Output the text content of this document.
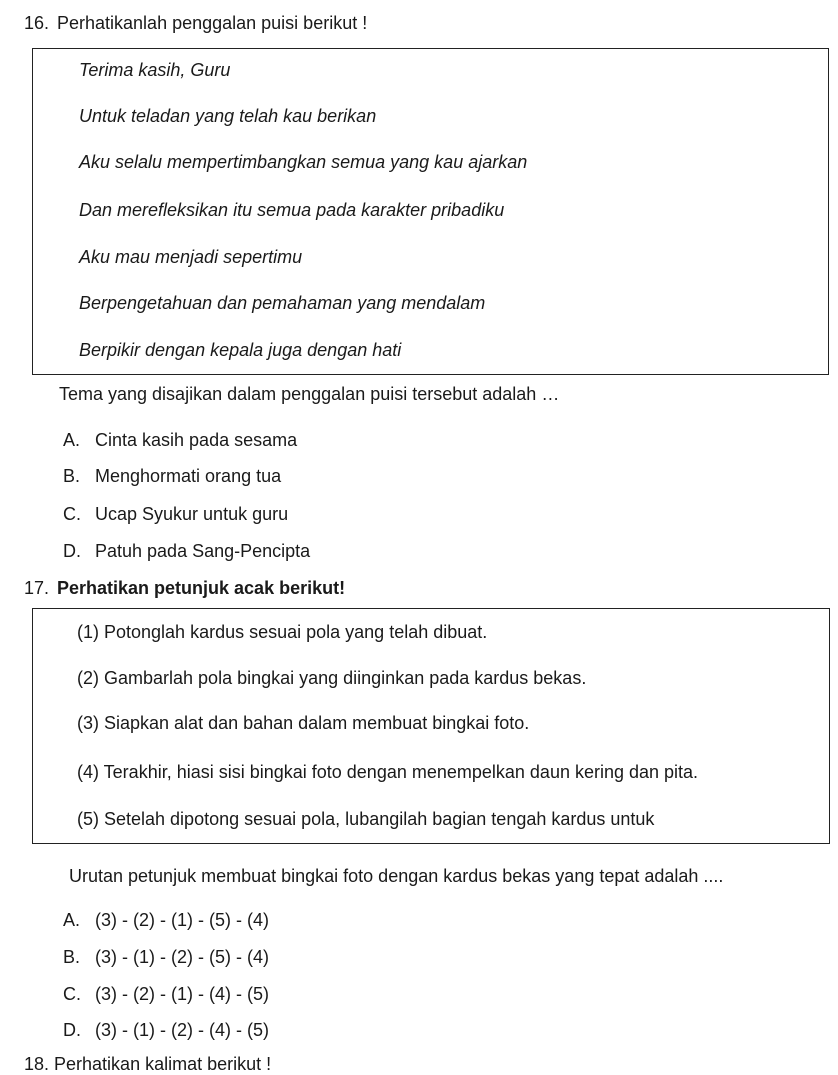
16. Perhatikanlah penggalan puisi berikut !
Terima kasih, Guru
Untuk teladan yang telah kau berikan
Aku selalu mempertimbangkan semua yang kau ajarkan
Dan merefleksikan itu semua pada karakter pribadiku
Aku mau menjadi sepertimu
Berpengetahuan dan pemahaman yang mendalam
Berpikir dengan kepala juga dengan hati
Tema yang disajikan dalam penggalan puisi tersebut adalah …
A. Cinta kasih pada sesama
B. Menghormati orang tua
C. Ucap Syukur untuk guru
D. Patuh pada Sang-Pencipta
17. Perhatikan petunjuk acak berikut!
(1) Potonglah kardus sesuai pola yang telah dibuat.
(2) Gambarlah pola bingkai yang diinginkan pada kardus bekas.
(3) Siapkan alat dan bahan dalam membuat bingkai foto.
(4) Terakhir, hiasi sisi bingkai foto dengan menempelkan daun kering dan pita.
(5) Setelah dipotong sesuai pola, lubangilah bagian tengah kardus untuk
Urutan petunjuk membuat bingkai foto dengan kardus bekas yang tepat adalah ....
A. (3) - (2) - (1) - (5) - (4)
B. (3) - (1) - (2) - (5) - (4)
C. (3) - (2) - (1) - (4) - (5)
D. (3) - (1) - (2) - (4) - (5)
18. Perhatikan kalimat berikut !
